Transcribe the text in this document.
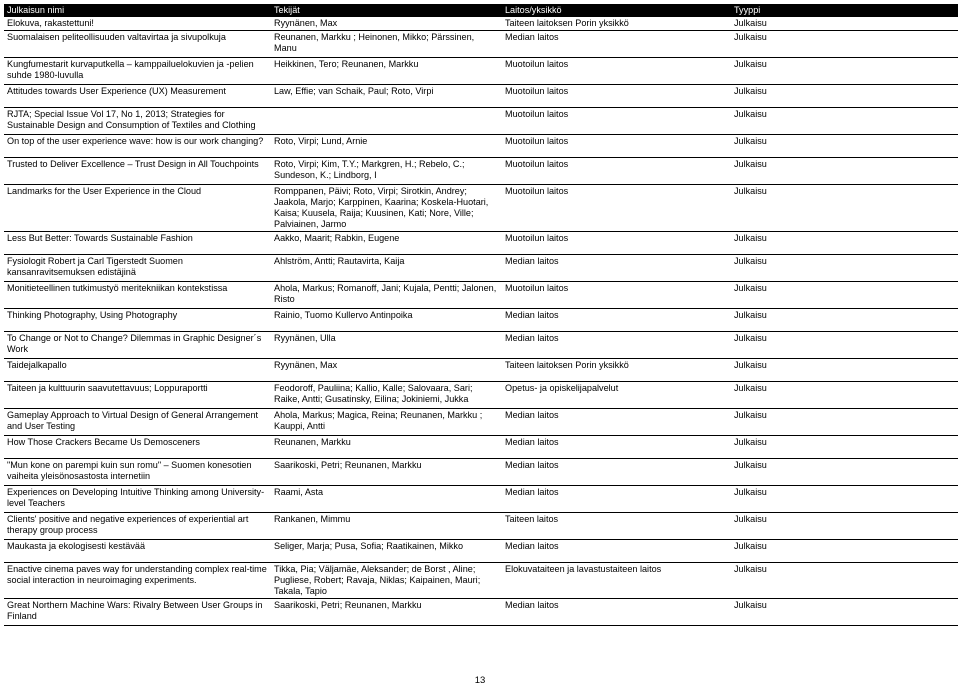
Julkaisun nimi	Tekijät	Laitos/yksikkö	Tyyppi
Elokuva, rakastettuni!	Ryynänen, Max	Taiteen laitoksen Porin yksikkö	Julkaisu
Suomalaisen peliteollisuuden valtavirtaa ja sivupolkuja	Reunanen, Markku ; Heinonen, Mikko; Pärssinen, Manu	Median laitos	Julkaisu
Kungfumestarit kurvaputkella – kamppailuelokuvien ja -pelien suhde 1980-luvulla	Heikkinen, Tero; Reunanen, Markku	Muotoilun laitos	Julkaisu
Attitudes towards User Experience (UX) Measurement	Law, Effie; van Schaik, Paul; Roto, Virpi	Muotoilun laitos	Julkaisu
RJTA; Special Issue Vol 17, No 1, 2013; Strategies for Sustainable Design and Consumption of Textiles and Clothing		Muotoilun laitos	Julkaisu
On top of the user experience wave: how is our work changing?	Roto, Virpi; Lund, Arnie	Muotoilun laitos	Julkaisu
Trusted to Deliver Excellence – Trust Design in All Touchpoints	Roto, Virpi; Kim, T.Y.; Markgren, H.; Rebelo, C.; Sundeson, K.; Lindborg, I	Muotoilun laitos	Julkaisu
Landmarks for the User Experience in the Cloud	Romppanen, Päivi; Roto, Virpi; Sirotkin, Andrey; Jaakola, Marjo; Karppinen, Kaarina; Koskela-Huotari, Kaisa; Kuusela, Raija; Kuusinen, Kati; Nore, Ville; Palviainen, Jarmo	Muotoilun laitos	Julkaisu
Less But Better: Towards Sustainable Fashion	Aakko, Maarit; Rabkin, Eugene	Muotoilun laitos	Julkaisu
Fysiologit Robert ja Carl Tigerstedt Suomen kansanravitsemuksen edistäjinä	Ahlström, Antti; Rautavirta, Kaija	Median laitos	Julkaisu
Monitieteellinen tutkimustyö meritekniikan kontekstissa	Ahola, Markus; Romanoff, Jani; Kujala, Pentti; Jalonen, Risto	Muotoilun laitos	Julkaisu
Thinking Photography, Using Photography	Rainio, Tuomo Kullervo Antinpoika	Median laitos	Julkaisu
To Change or Not to Change? Dilemmas in Graphic Designer´s Work	Ryynänen, Ulla	Median laitos	Julkaisu
Taidejalkapallo	Ryynänen, Max	Taiteen laitoksen Porin yksikkö	Julkaisu
Taiteen ja kulttuurin saavutettavuus; Loppuraportti	Feodoroff, Pauliina; Kallio, Kalle; Salovaara, Sari; Raike, Antti; Gusatinsky, Eilina; Jokiniemi, Jukka	Opetus- ja opiskelijapalvelut	Julkaisu
Gameplay Approach to Virtual Design of General Arrangement and User Testing	Ahola, Markus; Magica, Reina; Reunanen, Markku ; Kauppi, Antti	Median laitos	Julkaisu
How Those Crackers Became Us Demosceners	Reunanen, Markku	Median laitos	Julkaisu
"Mun kone on parempi kuin sun romu" – Suomen konesotien vaiheita yleisönosastosta internetiin	Saarikoski, Petri; Reunanen, Markku	Median laitos	Julkaisu
Experiences on Developing Intuitive Thinking among University-level Teachers	Raami, Asta	Median laitos	Julkaisu
Clients' positive and negative experiences of experiential art therapy group process	Rankanen, Mimmu	Taiteen laitos	Julkaisu
Maukasta ja ekologisesti kestävää	Seliger, Marja; Pusa, Sofia; Raatikainen, Mikko	Median laitos	Julkaisu
Enactive cinema paves way for understanding complex real-time social interaction in neuroimaging experiments.	Tikka, Pia; Väljamäe, Aleksander; de Borst , Aline; Pugliese, Robert; Ravaja, Niklas; Kaipainen, Mauri; Takala, Tapio	Elokuvataiteen ja lavastustaiteen laitos	Julkaisu
Great Northern Machine Wars: Rivalry Between User Groups in Finland	Saarikoski, Petri; Reunanen, Markku	Median laitos	Julkaisu
13
